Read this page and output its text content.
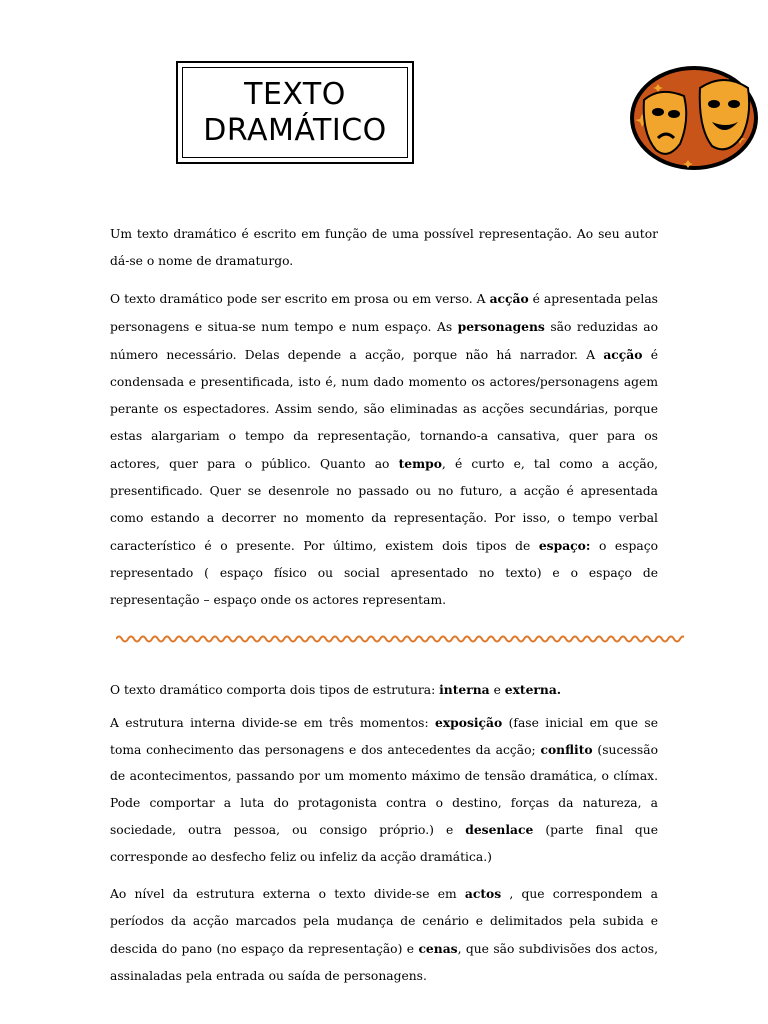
TEXTO
DRAMÁTICO

Um texto dramático é escrito em função de uma possível representação. Ao seu autor dá-se o nome de dramaturgo.

O texto dramático pode ser escrito em prosa ou em verso. A acção é apresentada pelas personagens e situa-se num tempo e num espaço. As personagens são reduzidas ao número necessário. Delas depende a acção, porque não há narrador. A acção é condensada e presentificada, isto é, num dado momento os actores/personagens agem perante os espectadores. Assim sendo, são eliminadas as acções secundárias, porque estas alargariam o tempo da representação, tornando-a cansativa, quer para os actores, quer para o público. Quanto ao tempo, é curto e, tal como a acção, presentificado. Quer se desenrole no passado ou no futuro, a acção é apresentada como estando a decorrer no momento da representação. Por isso, o tempo verbal característico é o presente. Por último, existem dois tipos de espaço: o espaço representado ( espaço físico ou social apresentado no texto) e o espaço de representação – espaço onde os actores representam.

O texto dramático comporta dois tipos de estrutura: interna e externa.

A estrutura interna divide-se em três momentos: exposição (fase inicial em que se toma conhecimento das personagens e dos antecedentes da acção; conflito (sucessão de acontecimentos, passando por um momento máximo de tensão dramática, o clímax. Pode comportar a luta do protagonista contra o destino, forças da natureza, a sociedade, outra pessoa, ou consigo próprio.) e desenlace (parte final que corresponde ao desfecho feliz ou infeliz da acção dramática.)

Ao nível da estrutura externa o texto divide-se em actos , que correspondem a períodos da acção marcados pela mudança de cenário e delimitados pela subida e descida do pano (no espaço da representação) e cenas, que são subdivisões dos actos, assinaladas pela entrada ou saída de personagens.
